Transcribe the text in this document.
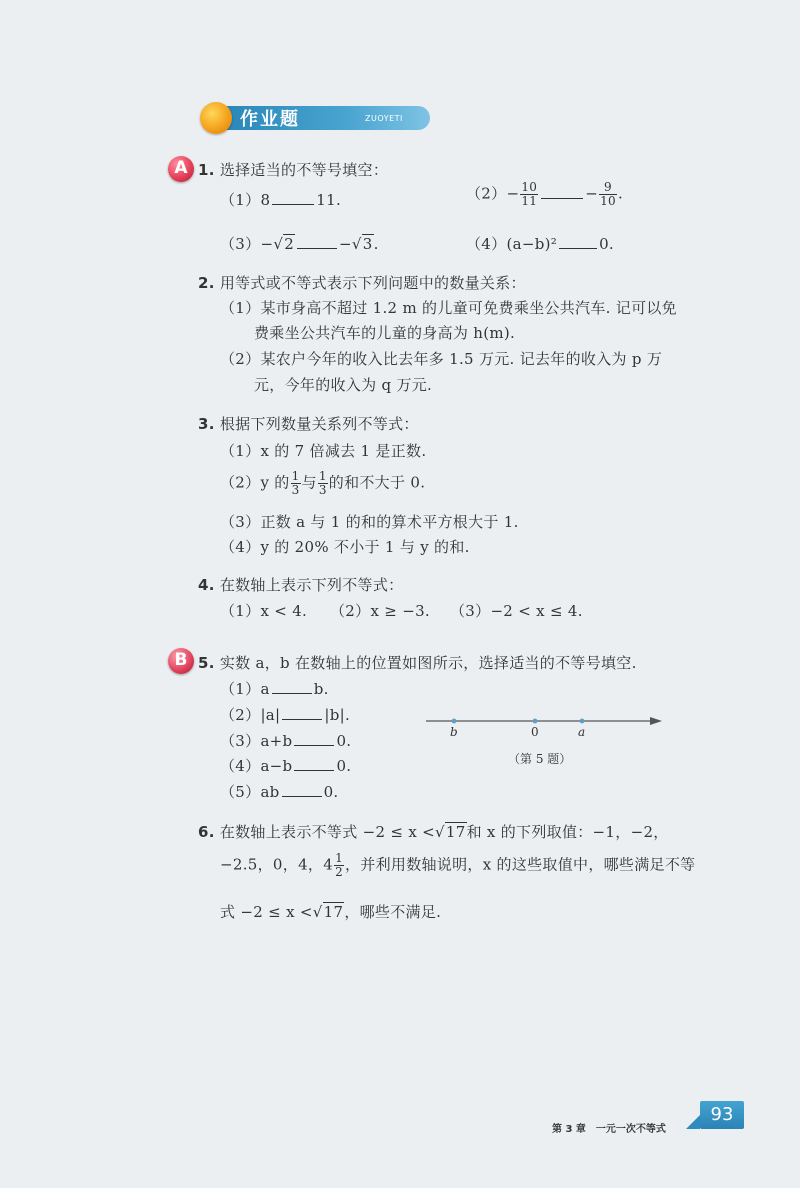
作业题	ZUOYETI
A 1. 选择适当的不等号填空：
（1）8	11.	$(2)- \frac{10}{11}$	− $\frac{9}{10}$ .
（3）−√2	−√3.	（4）(a−b)²	0.
2. 用等式或不等式表示下列问题中的数量关系：
（1）某市身高不超过 1.2 m 的儿童可免费乘坐公共汽车. 记可以免
费乘坐公共汽车的儿童的身高为 h(m).
（2）某农户今年的收入比去年多 1.5 万元. 记去年的收入为 p 万
元，今年的收入为 q 万元.
3. 根据下列数量关系列不等式：
（1）x 的 7 倍减去 1 是正数.
（2）y 的 $\frac{1}{3}$ 与 $\frac{1}{3}$ 的和不大于 0.
（3）正数 a 与 1 的和的算术平方根大于 1.
（4）y 的 20% 不小于 1 与 y 的和.
4. 在数轴上表示下列不等式：
（1）x < 4. （2）x ≥ −3. （3）−2 < x ≤ 4.
B 5. 实数 a，b 在数轴上的位置如图所示，选择适当的不等号填空.
（1）a	b.
（2）|a|	|b|.
（3）a+b	0.
（4）a−b	0.
（5）ab	0.
b	0	a
（第 5 题）
6. 在数轴上表示不等式 −2 ≤ x <√17和 x 的下列取值：−1，−2，
−2.5，0，4，$4 \frac{1}{2}$ ，并利用数轴说明，x 的这些取值中，哪些满足不等
式 −2 ≤ x <√17，哪些不满足.
第 3 章　一元一次不等式
93
